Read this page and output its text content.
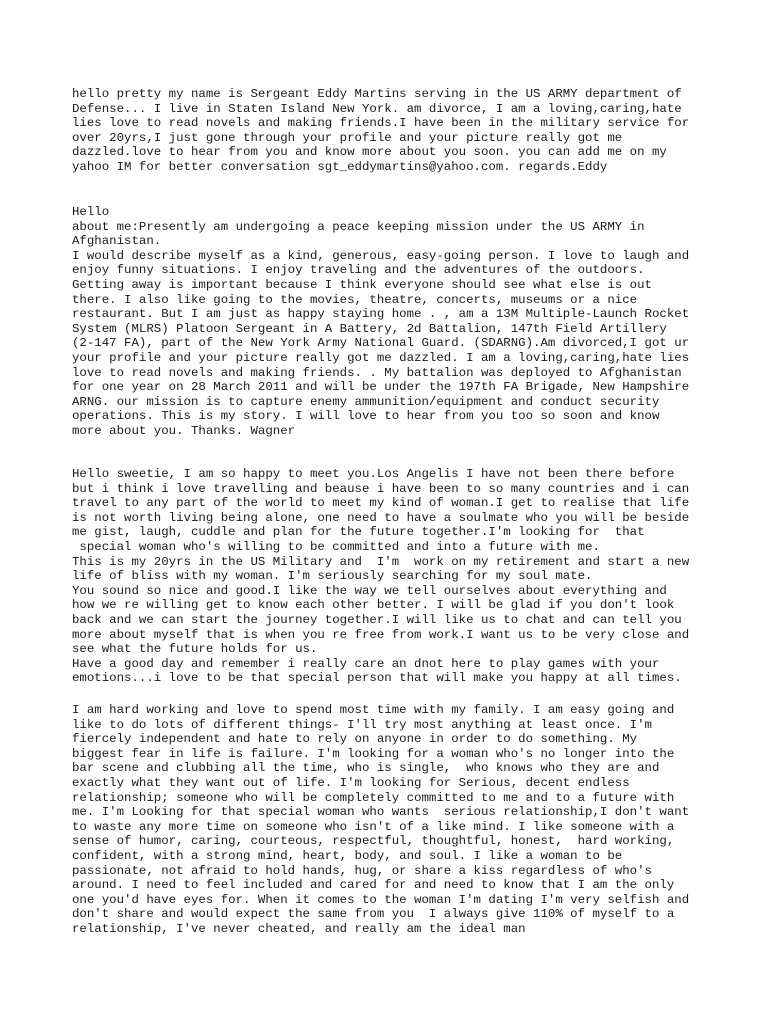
hello pretty my name is Sergeant Eddy Martins serving in the US ARMY department of
Defense... I live in Staten Island New York. am divorce, I am a loving,caring,hate
lies love to read novels and making friends.I have been in the military service for
over 20yrs,I just gone through your profile and your picture really got me
dazzled.love to hear from you and know more about you soon. you can add me on my
yahoo IM for better conversation sgt_eddymartins@yahoo.com. regards.Eddy
Hello
about me:Presently am undergoing a peace keeping mission under the US ARMY in
Afghanistan.
I would describe myself as a kind, generous, easy-going person. I love to laugh and
enjoy funny situations. I enjoy traveling and the adventures of the outdoors.
Getting away is important because I think everyone should see what else is out
there. I also like going to the movies, theatre, concerts, museums or a nice
restaurant. But I am just as happy staying home . , am a 13M Multiple-Launch Rocket
System (MLRS) Platoon Sergeant in A Battery, 2d Battalion, 147th Field Artillery
(2-147 FA), part of the New York Army National Guard. (SDARNG).Am divorced,I got ur
your profile and your picture really got me dazzled. I am a loving,caring,hate lies
love to read novels and making friends. . My battalion was deployed to Afghanistan
for one year on 28 March 2011 and will be under the 197th FA Brigade, New Hampshire
ARNG. our mission is to capture enemy ammunition/equipment and conduct security
operations. This is my story. I will love to hear from you too so soon and know
more about you. Thanks. Wagner
Hello sweetie, I am so happy to meet you.Los Angelis I have not been there before
but i think i love travelling and beause i have been to so many countries and i can
travel to any part of the world to meet my kind of woman.I get to realise that life
is not worth living being alone, one need to have a soulmate who you will be beside
me gist, laugh, cuddle and plan for the future together.I'm looking for  that
special woman who's willing to be committed and into a future with me.
This is my 20yrs in the US Military and  I'm  work on my retirement and start a new
life of bliss with my woman. I'm seriously searching for my soul mate.
You sound so nice and good.I like the way we tell ourselves about everything and
how we re willing get to know each other better. I will be glad if you don't look
back and we can start the journey together.I will like us to chat and can tell you
more about myself that is when you re free from work.I want us to be very close and
see what the future holds for us.
Have a good day and remember i really care an dnot here to play games with your
emotions...i love to be that special person that will make you happy at all times.
I am hard working and love to spend most time with my family. I am easy going and
like to do lots of different things- I'll try most anything at least once. I'm
fiercely independent and hate to rely on anyone in order to do something. My
biggest fear in life is failure. I'm looking for a woman who's no longer into the
bar scene and clubbing all the time, who is single,  who knows who they are and
exactly what they want out of life. I'm looking for Serious, decent endless
relationship; someone who will be completely committed to me and to a future with
me. I'm Looking for that special woman who wants  serious relationship,I don't want
to waste any more time on someone who isn't of a like mind. I like someone with a
sense of humor, caring, courteous, respectful, thoughtful, honest,  hard working,
confident, with a strong mind, heart, body, and soul. I like a woman to be
passionate, not afraid to hold hands, hug, or share a kiss regardless of who's
around. I need to feel included and cared for and need to know that I am the only
one you'd have eyes for. When it comes to the woman I'm dating I'm very selfish and
don't share and would expect the same from you  I always give 110% of myself to a
relationship, I've never cheated, and really am the ideal man
